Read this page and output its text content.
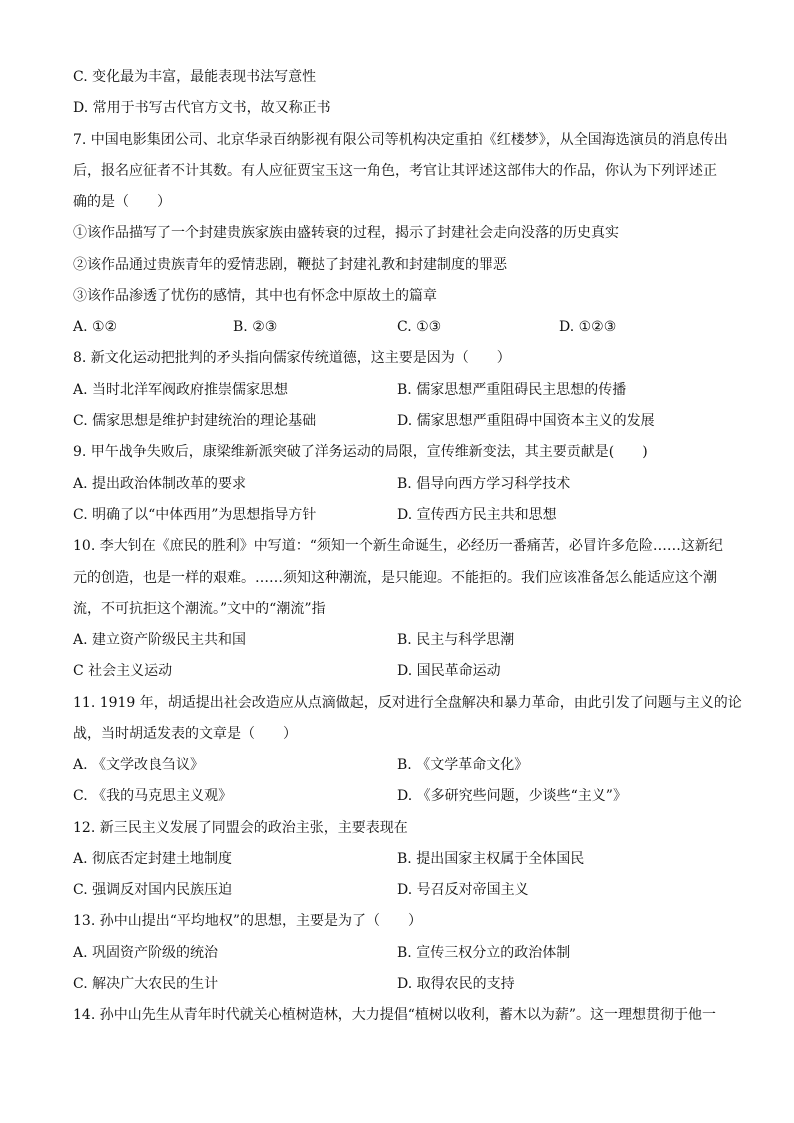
C. 变化最为丰富，最能表现书法写意性
D. 常用于书写古代官方文书，故又称正书
7. 中国电影集团公司、北京华录百纳影视有限公司等机构决定重拍《红楼梦》，从全国海选演员的消息传出
后，报名应征者不计其数。有人应征贾宝玉这一角色，考官让其评述这部伟大的作品，你认为下列评述正
确的是（　　）
①该作品描写了一个封建贵族家族由盛转衰的过程，揭示了封建社会走向没落的历史真实
②该作品通过贵族青年的爱情悲剧，鞭挞了封建礼教和封建制度的罪恶
③该作品渗透了忧伤的感情，其中也有怀念中原故土的篇章
A. ①②	B. ②③	C. ①③	D. ①②③
8. 新文化运动把批判的矛头指向儒家传统道德，这主要是因为（　　）
A. 当时北洋军阀政府推崇儒家思想	B. 儒家思想严重阻碍民主思想的传播
C. 儒家思想是维护封建统治的理论基础	D. 儒家思想严重阻碍中国资本主义的发展
9. 甲午战争失败后，康梁维新派突破了洋务运动的局限，宣传维新变法，其主要贡献是(　　)
A. 提出政治体制改革的要求	B. 倡导向西方学习科学技术
C. 明确了以“中体西用”为思想指导方针	D. 宣传西方民主共和思想
10. 李大钊在《庶民的胜利》中写道：“须知一个新生命诞生，必经历一番痛苦，必冒许多危险……这新纪
元的创造，也是一样的艰难。……须知这种潮流，是只能迎。不能拒的。我们应该准备怎么能适应这个潮
流，不可抗拒这个潮流。”文中的“潮流”指
A. 建立资产阶级民主共和国	B. 民主与科学思潮
C 社会主义运动	D. 国民革命运动
11. 1919 年，胡适提出社会改造应从点滴做起，反对进行全盘解决和暴力革命，由此引发了问题与主义的论
战，当时胡适发表的文章是（　　）
A. 《文学改良刍议》	B. 《文学革命文化》
C. 《我的马克思主义观》	D. 《多研究些问题，少谈些“主义”》
12. 新三民主义发展了同盟会的政治主张，主要表现在
A. 彻底否定封建土地制度	B. 提出国家主权属于全体国民
C. 强调反对国内民族压迫	D. 号召反对帝国主义
13. 孙中山提出“平均地权”的思想，主要是为了（　　）
A. 巩固资产阶级的统治	B. 宣传三权分立的政治体制
C. 解决广大农民的生计	D. 取得农民的支持
14. 孙中山先生从青年时代就关心植树造林，大力提倡“植树以收利，蓄木以为薪”。这一理想贯彻于他一
